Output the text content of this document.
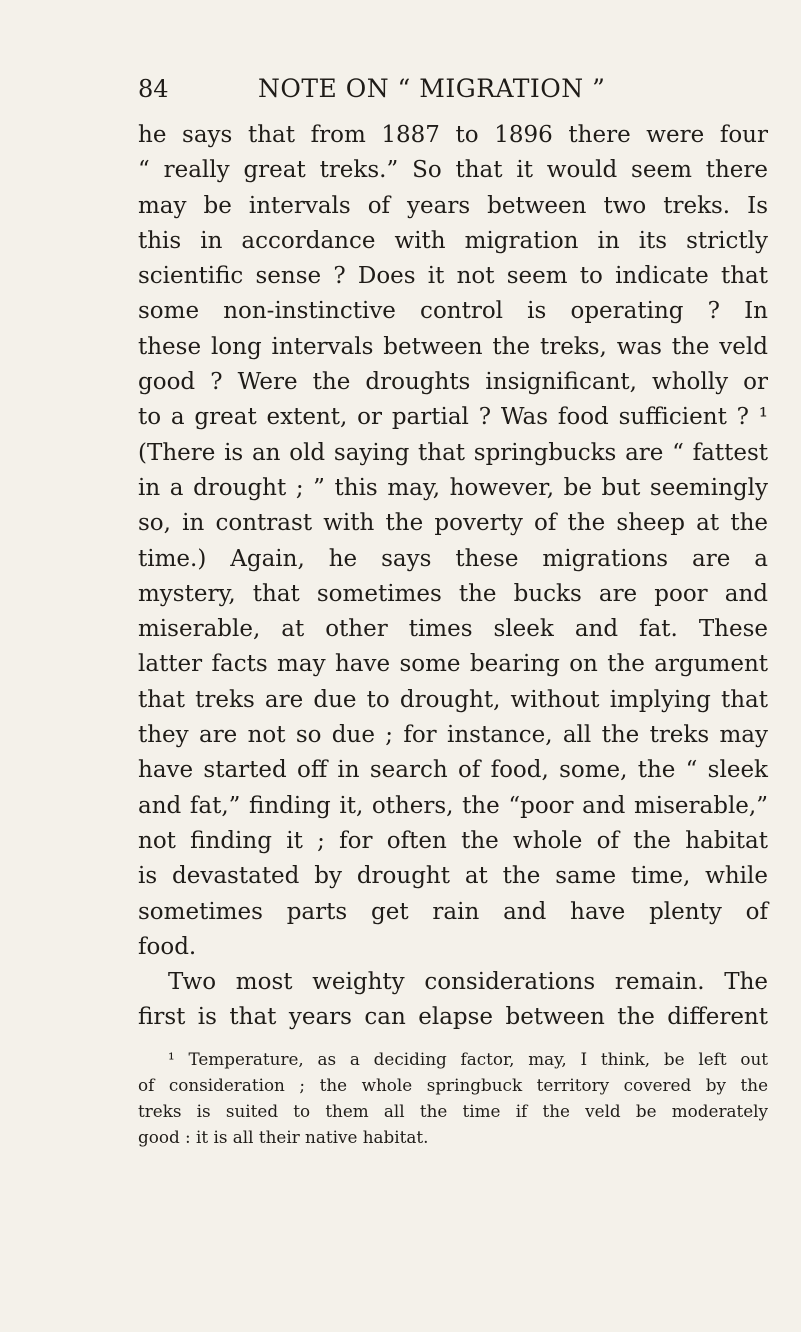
84	NOTE ON “ MIGRATION ”
he says that from 1887 to 1896 there were four
“ really great treks.” So that it would seem there
may be intervals of years between two treks. Is
this in accordance with migration in its strictly
scientific sense ? Does it not seem to indicate that
some non-instinctive control is operating ? In
these long intervals between the treks, was the veld
good ? Were the droughts insignificant, wholly or
to a great extent, or partial ? Was food sufficient ? ¹
(There is an old saying that springbucks are “ fattest
in a drought ; ” this may, however, be but seemingly
so, in contrast with the poverty of the sheep at the
time.) Again, he says these migrations are a
mystery, that sometimes the bucks are poor and
miserable, at other times sleek and fat. These
latter facts may have some bearing on the argument
that treks are due to drought, without implying that
they are not so due ; for instance, all the treks may
have started off in search of food, some, the “ sleek
and fat,” finding it, others, the “poor and miserable,”
not finding it ; for often the whole of the habitat
is devastated by drought at the same time, while
sometimes parts get rain and have plenty of
food.
Two most weighty considerations remain. The
first is that years can elapse between the different
¹ Temperature, as a deciding factor, may, I think, be left out
of consideration ; the whole springbuck territory covered by the
treks is suited to them all the time if the veld be moderately
good : it is all their native habitat.
